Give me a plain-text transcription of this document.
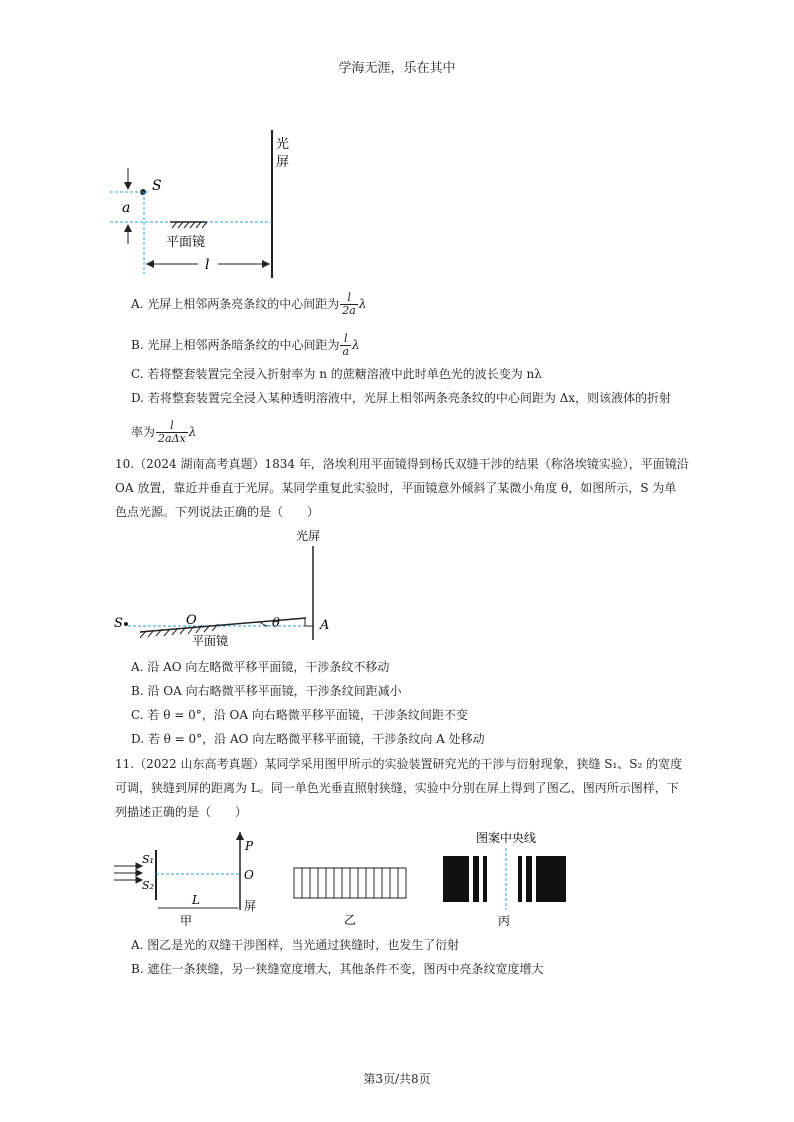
学海无涯，乐在其中
光
屏
S
a
平面镜
l
A. 光屏上相邻两条亮条纹的中心间距为 $\frac{l}{2a}$ λ
B. 光屏上相邻两条暗条纹的中心间距为 $\frac{l}{a}$ λ
C. 若将整套装置完全浸入折射率为 n 的蔗糖溶液中此时单色光的波长变为 nλ
D. 若将整套装置完全浸入某种透明溶液中，光屏上相邻两条亮条纹的中心间距为 Δx，则该液体的折射
率为 $\frac{l}{\text{2aΔx}}$ λ
10.（2024 湖南高考真题）1834 年，洛埃利用平面镜得到杨氏双缝干涉的结果（称洛埃镜实验），平面镜沿
OA 放置，靠近并垂直于光屏。某同学重复此实验时，平面镜意外倾斜了某微小角度 θ，如图所示，S 为单
色点光源。下列说法正确的是（　　）
光屏
S	O	θ	A
平面镜
A. 沿 AO 向左略微平移平面镜，干涉条纹不移动
B. 沿 OA 向右略微平移平面镜，干涉条纹间距减小
C. 若 θ = 0°，沿 OA 向右略微平移平面镜，干涉条纹间距不变
D. 若 θ = 0°，沿 AO 向左略微平移平面镜，干涉条纹向 A 处移动
11.（2022 山东高考真题）某同学采用图甲所示的实验装置研究光的干涉与衍射现象，狭缝 S₁、S₂ 的宽度
可调，狭缝到屏的距离为 L。同一单色光垂直照射狭缝，实验中分别在屏上得到了图乙，图丙所示图样，下
列描述正确的是（　　）
S₁
S₂
P
O
L	屏
甲	乙
图案中央线
丙
A. 图乙是光的双缝干涉图样，当光通过狭缝时，也发生了衍射
B. 遮住一条狭缝，另一狭缝宽度增大，其他条件不变，图丙中亮条纹宽度增大
第3页/共8页
